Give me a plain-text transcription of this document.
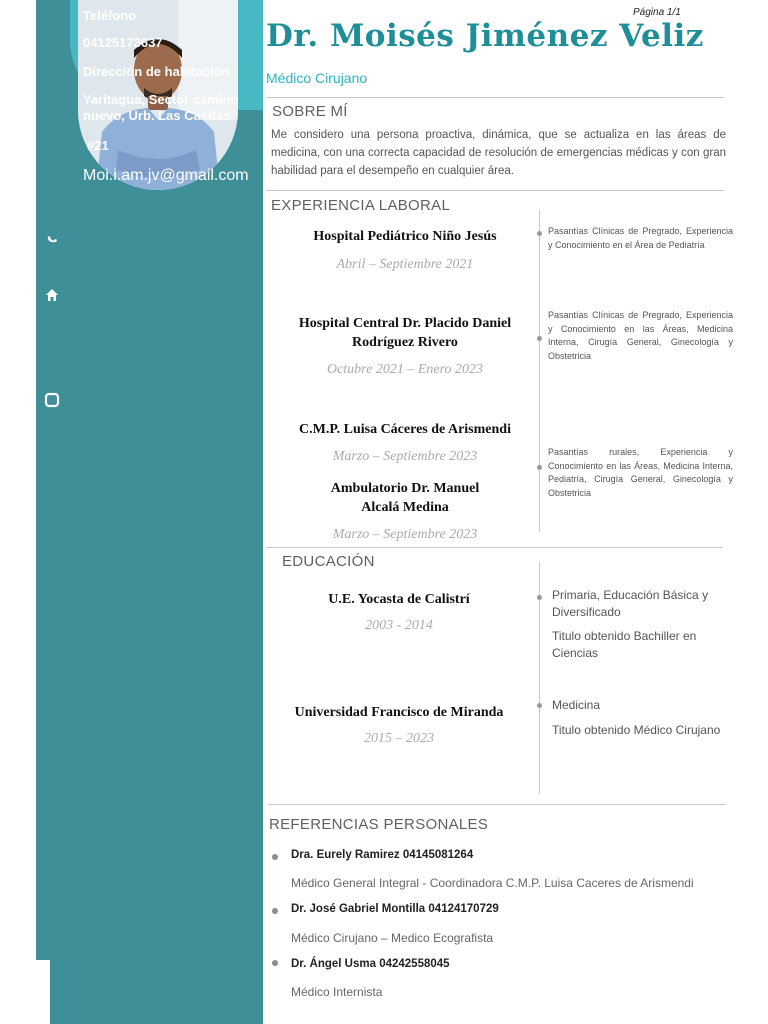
Teléfono
04125173637
Dirección de habitación
Yaritagua, Sector camino nuevo, Urb. Las Casitas
#21
Moi.i.am.jv@gmail.com
Página 1/1
Dr. Moisés Jiménez Veliz
Médico Cirujano
SOBRE MÍ
Me considero una persona proactiva, dinámica, que se actualiza en las áreas de medicina, con una correcta capacidad de resolución de emergencias médicas y con gran habilidad para el desempeño en cualquier área.
EXPERIENCIA LABORAL
Hospital Pediátrico Niño Jesús
Abril – Septiembre 2021
Pasantías Clínicas de Pregrado, Experiencia y Conocimiento en el Área de Pediatría
Hospital Central Dr. Placido Daniel Rodríguez Rivero
Octubre 2021 – Enero 2023
Pasantías Clínicas de Pregrado, Experiencia y Conocimiento en las Áreas, Medicina Interna, Cirugía General, Ginecología y Obstetricia
C.M.P. Luisa Cáceres de Arismendi
Marzo – Septiembre 2023	Pasantías rurales, Experiencia y Conocimiento en las Áreas, Medicina Interna, Pediatría, Cirugía General, Ginecología y Obstetricia
Ambulatorio Dr. Manuel Alcalá Medina
Marzo – Septiembre 2023
EDUCACIÓN
U.E. Yocasta de Calistrí
2003 - 2014
Primaria, Educación Básica y Diversificado
Titulo obtenido Bachiller en Ciencias
Universidad Francisco de Miranda
2015 – 2023
Medicina
Titulo obtenido Médico Cirujano
REFERENCIAS PERSONALES
Dra. Eurely Ramirez 04145081264
Médico General Integral - Coordinadora C.M.P. Luisa Caceres de Arismendi
Dr. José Gabriel Montilla 04124170729
Médico Cirujano – Medico Ecografista
Dr. Ángel Usma 04242558045
Médico Internista
